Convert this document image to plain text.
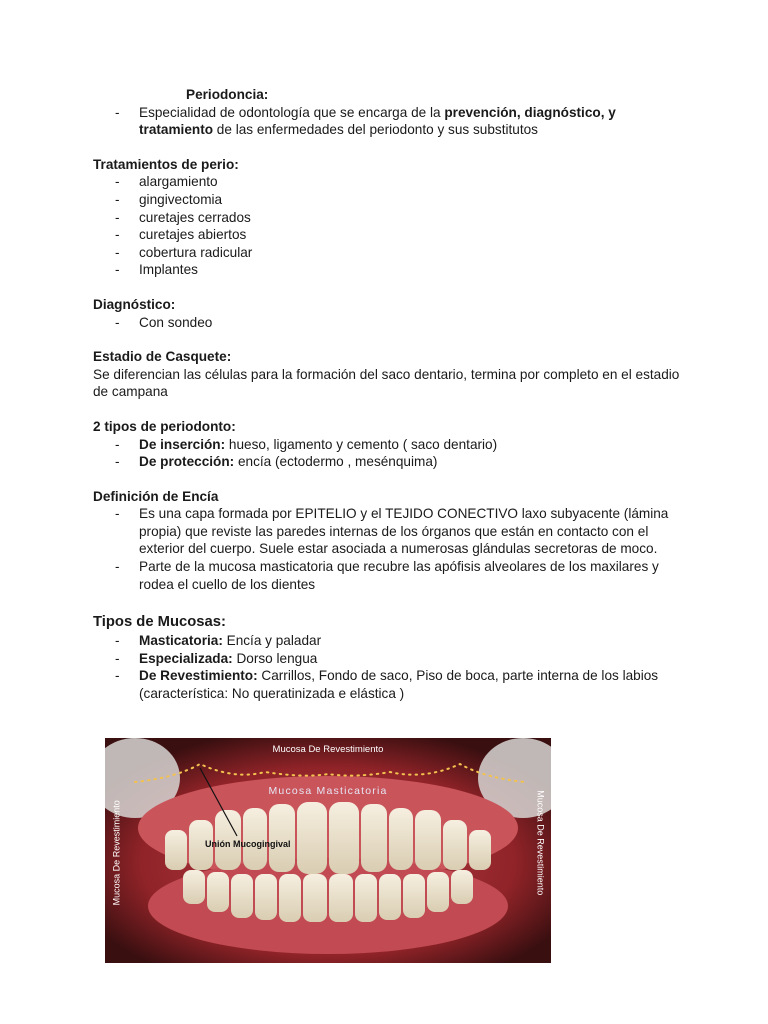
Periodoncia:

- Especialidad de odontología que se encarga de la prevención, diagnóstico, y tratamiento de las enfermedades del periodonto y sus substitutos

Tratamientos de perio:

- alargamiento
- gingivectomia
- curetajes cerrados
- curetajes abiertos
- cobertura radicular
- Implantes

Diagnóstico:

- Con sondeo

Estadio de Casquete:

Se diferencian las células para la formación del saco dentario, termina por completo en el estadio de campana

2 tipos de periodonto:

- De inserción: hueso, ligamento y cemento ( saco dentario)
- De protección: encía (ectodermo , mesénquima)

Definición de Encía

- Es una capa formada por EPITELIO y el TEJIDO CONECTIVO laxo subyacente (lámina propia) que reviste las paredes internas de los órganos que están en contacto con el exterior del cuerpo. Suele estar asociada a numerosas glándulas secretoras de moco.
- Parte de la mucosa masticatoria que recubre las apófisis alveolares de los maxilares y rodea el cuello de los dientes

Tipos de Mucosas:

- Masticatoria: Encía y paladar
- Especializada: Dorso lengua
- De Revestimiento: Carrillos, Fondo de saco, Piso de boca, parte interna de los labios (característica: No queratinizada e elástica )
Mucosa De Revestimiento
Mucosa Masticatoria
Unión Mucogingival
Mucosa De Revestimiento	Mucosa De Revestimiento
